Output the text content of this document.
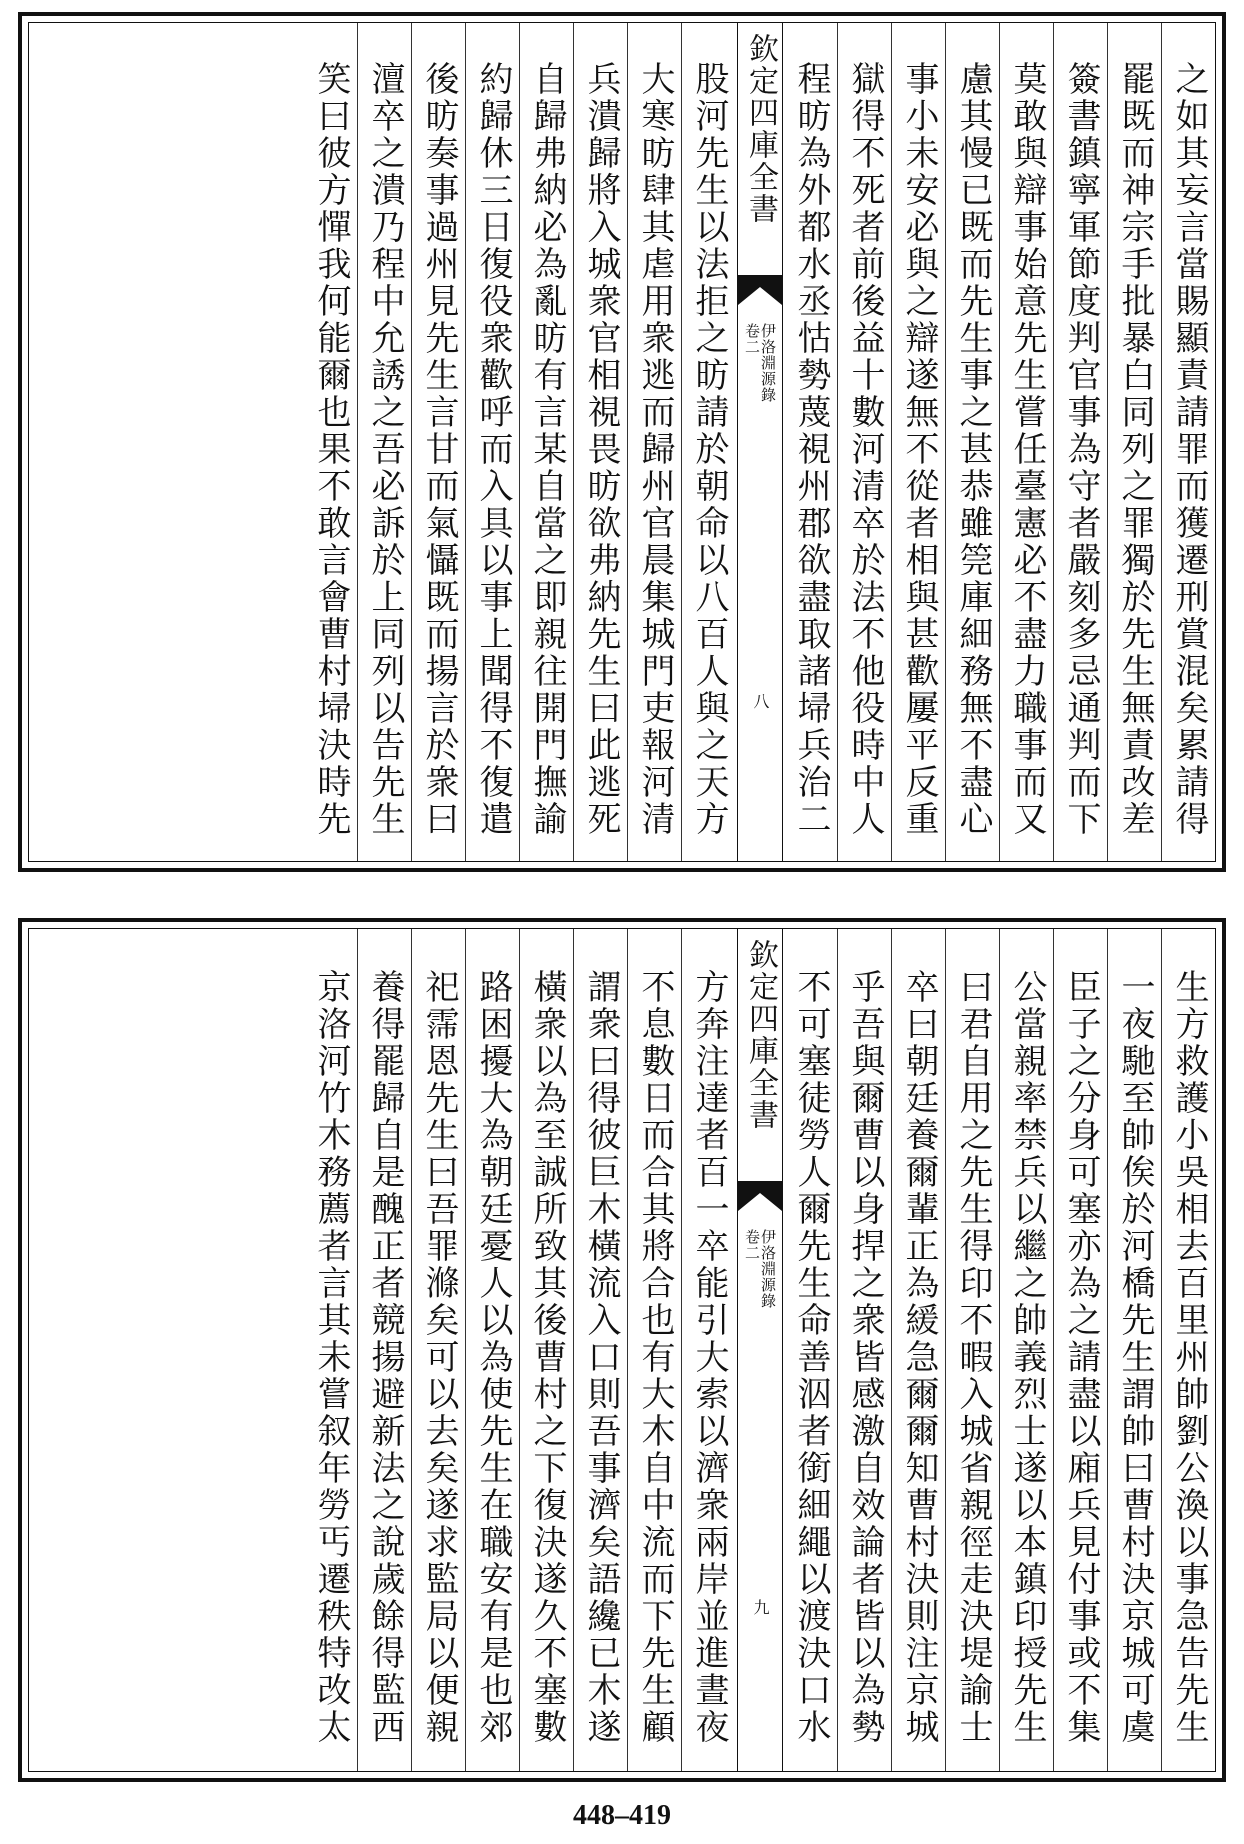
之如其妄言當賜顯責請罪而獲遷刑賞混矣累請得
罷既而神宗手批暴白同列之罪獨於先生無責改差
簽書鎮寧軍節度判官事為守者嚴刻多忌通判而下
莫敢與辯事始意先生嘗任臺憲必不盡力職事而又
慮其慢已既而先生事之甚恭雖筦庫細務無不盡心
事小未安必與之辯遂無不從者相與甚歡屢平反重
獄得不死者前後益十數河清卒於法不他役時中人
程昉為外都水丞怙勢蔑視州郡欲盡取諸埽兵治二
欽定四庫全書
伊洛淵源錄
卷二
八
股河先生以法拒之昉請於朝命以八百人與之天方
大寒昉肆其虐用衆逃而歸州官晨集城門吏報河清
兵潰歸將入城衆官相視畏昉欲弗納先生曰此逃死
自歸弗納必為亂昉有言某自當之即親往開門撫諭
約歸休三日復役衆歡呼而入具以事上聞得不復遣
後昉奏事過州見先生言甘而氣懾既而揚言於衆曰
澶卒之潰乃程中允誘之吾必訴於上同列以告先生
笑曰彼方憚我何能爾也果不敢言會曹村埽決時先
生方救護小吳相去百里州帥劉公渙以事急告先生
一夜馳至帥俟於河橋先生謂帥曰曹村決京城可虞
臣子之分身可塞亦為之請盡以廂兵見付事或不集
公當親率禁兵以繼之帥義烈士遂以本鎮印授先生
曰君自用之先生得印不暇入城省親徑走決堤諭士
卒曰朝廷養爾輩正為緩急爾爾知曹村決則注京城
乎吾與爾曹以身捍之衆皆感激自效論者皆以為勢
不可塞徒勞人爾先生命善泅者銜細繩以渡決口水
欽定四庫全書
伊洛淵源錄
卷二
九
方奔注達者百一卒能引大索以濟衆兩岸並進晝夜
不息數日而合其將合也有大木自中流而下先生顧
謂衆曰得彼巨木橫流入口則吾事濟矣語纔已木遂
橫衆以為至誠所致其後曹村之下復決遂久不塞數
路困擾大為朝廷憂人以為使先生在職安有是也郊
祀霈恩先生曰吾罪滌矣可以去矣遂求監局以便親
養得罷歸自是醜正者競揚避新法之說歲餘得監西
京洛河竹木務薦者言其未嘗叙年勞丐遷秩特改太
448–419
